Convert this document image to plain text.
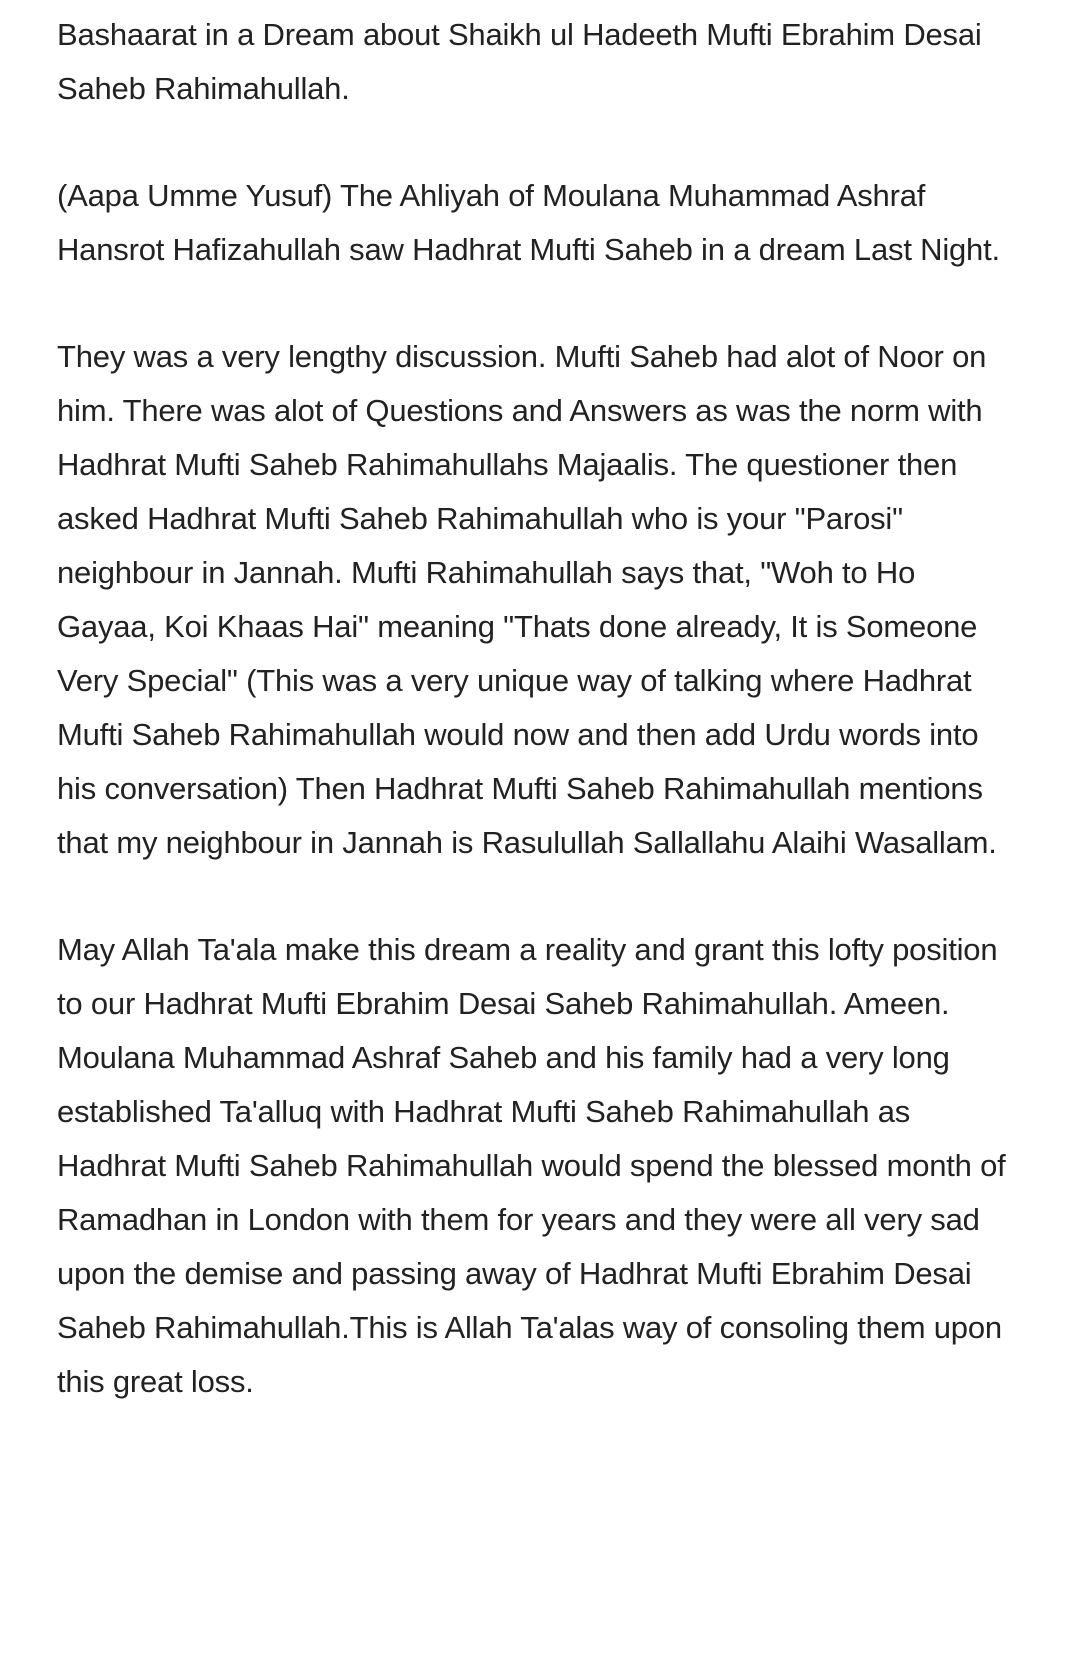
Bashaarat in a Dream about Shaikh ul Hadeeth Mufti Ebrahim Desai Saheb Rahimahullah.

(Aapa Umme Yusuf) The Ahliyah of Moulana Muhammad Ashraf Hansrot Hafizahullah saw Hadhrat Mufti Saheb in a dream Last Night.

They was a very lengthy discussion. Mufti Saheb had alot of Noor on him. There was alot of Questions and Answers as was the norm with Hadhrat Mufti Saheb Rahimahullahs Majaalis. The questioner then asked Hadhrat Mufti Saheb Rahimahullah who is your "Parosi" neighbour in Jannah. Mufti Rahimahullah says that, "Woh to Ho Gayaa, Koi Khaas Hai" meaning "Thats done already, It is Someone Very Special" (This was a very unique way of talking where Hadhrat Mufti Saheb Rahimahullah would now and then add Urdu words into his conversation) Then Hadhrat Mufti Saheb Rahimahullah mentions that my neighbour in Jannah is Rasulullah Sallallahu Alaihi Wasallam.

May Allah Ta'ala make this dream a reality and grant this lofty position to our Hadhrat Mufti Ebrahim Desai Saheb Rahimahullah. Ameen. Moulana Muhammad Ashraf Saheb and his family had a very long established Ta'alluq with Hadhrat Mufti Saheb Rahimahullah as Hadhrat Mufti Saheb Rahimahullah would spend the blessed month of Ramadhan in London with them for years and they were all very sad upon the demise and passing away of Hadhrat Mufti Ebrahim Desai Saheb Rahimahullah.This is Allah Ta'alas way of consoling them upon this great loss.
